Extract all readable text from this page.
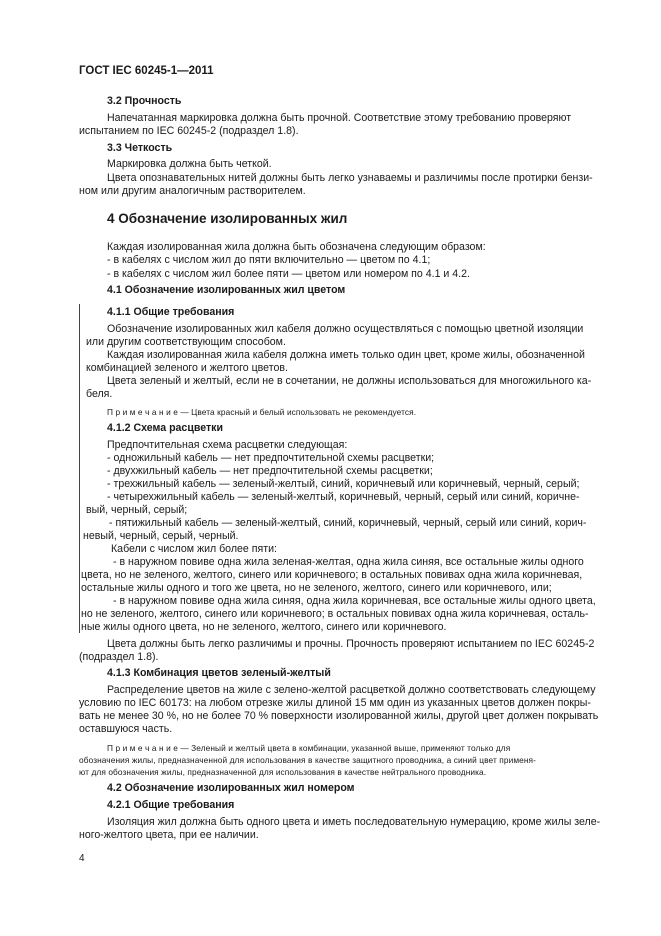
ГОСТ IEC 60245-1—2011
3.2 Прочность
Напечатанная маркировка должна быть прочной. Соответствие этому требованию проверяют
испытанием по IEC 60245-2 (подраздел 1.8).
3.3 Четкость
Маркировка должна быть четкой.
Цвета опознавательных нитей должны быть легко узнаваемы и различимы после протирки бензи-
ном или другим аналогичным растворителем.
4 Обозначение изолированных жил
Каждая изолированная жила должна быть обозначена следующим образом:
- в кабелях с числом жил до пяти включительно — цветом по 4.1;
- в кабелях с числом жил более пяти — цветом или номером по 4.1 и 4.2.
4.1 Обозначение изолированных жил цветом
4.1.1 Общие требования
Обозначение изолированных жил кабеля должно осуществляться с помощью цветной изоляции
или другим соответствующим способом.
Каждая изолированная жила кабеля должна иметь только один цвет, кроме жилы, обозначенной
комбинацией зеленого и желтого цветов.
Цвета зеленый и желтый, если не в сочетании, не должны использоваться для многожильного ка-
беля.
П р и м е ч а н и е — Цвета красный и белый использовать не рекомендуется.
4.1.2 Схема расцветки
Предпочтительная схема расцветки следующая:
- одножильный кабель — нет предпочтительной схемы расцветки;
- двухжильный кабель — нет предпочтительной схемы расцветки;
- трехжильный кабель — зеленый-желтый, синий, коричневый или коричневый, черный, серый;
- четырехжильный кабель — зеленый-желтый, коричневый, черный, серый или синий, коричне-
вый, черный, серый;
- пятижильный кабель — зеленый-желтый, синий, коричневый, черный, серый или синий, корич-
невый, черный, серый, черный.
Кабели с числом жил более пяти:
- в наружном повиве одна жила зеленая-желтая, одна жила синяя, все остальные жилы одного
цвета, но не зеленого, желтого, синего или коричневого; в остальных повивах одна жила коричневая,
остальные жилы одного и того же цвета, но не зеленого, желтого, синего или коричневого, или;
- в наружном повиве одна жила синяя, одна жила коричневая, все остальные жилы одного цвета,
но не зеленого, желтого, синего или коричневого; в остальных повивах одна жила коричневая, осталь-
ные жилы одного цвета, но не зеленого, желтого, синего или коричневого.
Цвета должны быть легко различимы и прочны. Прочность проверяют испытанием по IEC 60245-2
(подраздел 1.8).
4.1.3 Комбинация цветов зеленый-желтый
Распределение цветов на жиле с зелено-желтой расцветкой должно соответствовать следующему
условию по IEC 60173: на любом отрезке жилы длиной 15 мм один из указанных цветов должен покры-
вать не менее 30 %, но не более 70 % поверхности изолированной жилы, другой цвет должен покрывать
оставшуюся часть.
П р и м е ч а н и е — Зеленый и желтый цвета в комбинации, указанной выше, применяют только для
обозначения жилы, предназначенной для использования в качестве защитного проводника, а синий цвет применя-
ют для обозначения жилы, предназначенной для использования в качестве нейтрального проводника.
4.2 Обозначение изолированных жил номером
4.2.1 Общие требования
Изоляция жил должна быть одного цвета и иметь последовательную нумерацию, кроме жилы зеле-
ного-желтого цвета, при ее наличии.
4
